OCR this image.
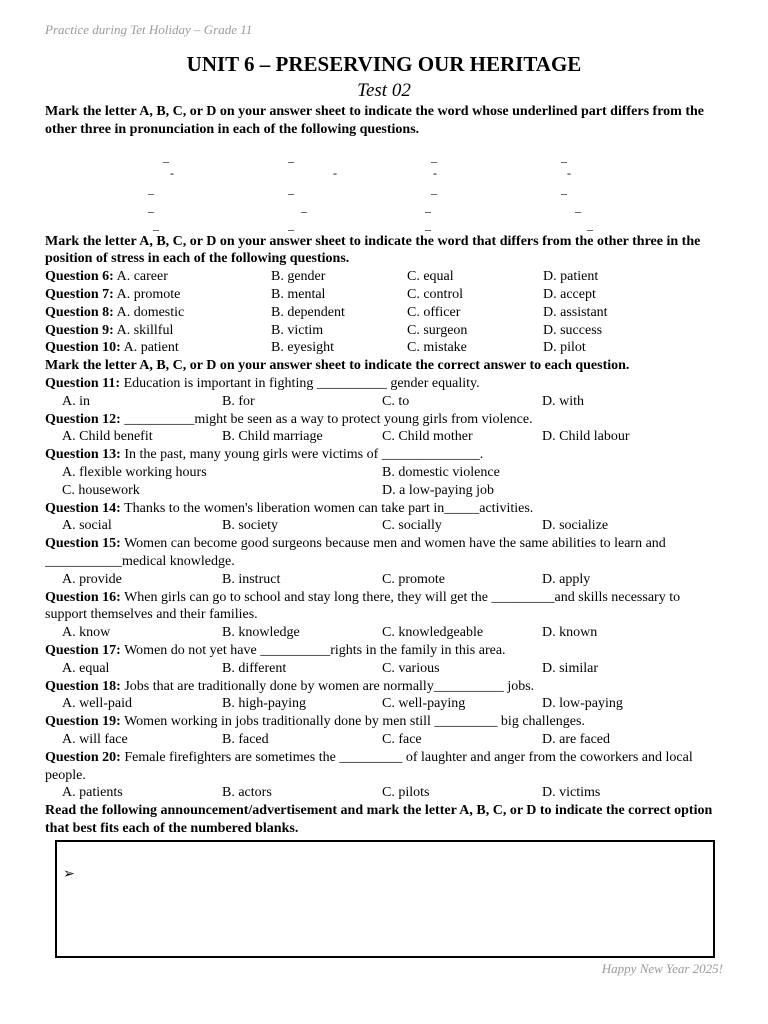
Practice during Tet Holiday – Grade 11
UNIT 6 – PRESERVING OUR HERITAGE
Test 02
Mark the letter A, B, C, or D on your answer sheet to indicate the word whose underlined part differs from the other three in pronunciation in each of the following questions.
_	_	_	_
-	-	-	-
_	_	_	_
_	_	_	_
_	_	_	_
Mark the letter A, B, C, or D on your answer sheet to indicate the word that differs from the other three in the position of stress in each of the following questions.
Question 6: A. career	B. gender	C. equal	D. patient
Question 7: A. promote	B. mental	C. control	D. accept
Question 8: A. domestic	B. dependent	C. officer	D. assistant
Question 9: A. skillful	B. victim	C. surgeon	D. success
Question 10: A. patient	B. eyesight	C. mistake	D. pilot
Mark the letter A, B, C, or D on your answer sheet to indicate the correct answer to each question.
Question 11: Education is important in fighting __________ gender equality.
A. in	B. for	C. to	D. with
Question 12: __________might be seen as a way to protect young girls from violence.
A. Child benefit	B. Child marriage	C. Child mother	D. Child labour
Question 13: In the past, many young girls were victims of ______________.
A. flexible working hours	B. domestic violence
C. housework	D. a low-paying job
Question 14: Thanks to the women's liberation women can take part in_____activities.
A. social	B. society	C. socially	D. socialize
Question 15: Women can become good surgeons because men and women have the same abilities to learn and ___________medical knowledge.
A. provide	B. instruct	C. promote	D. apply
Question 16: When girls can go to school and stay long there, they will get the _________and skills necessary to support themselves and their families.
A. know	B. knowledge	C. knowledgeable	D. known
Question 17: Women do not yet have __________rights in the family in this area.
A. equal	B. different	C. various	D. similar
Question 18: Jobs that are traditionally done by women are normally__________ jobs.
A. well-paid	B. high-paying	C. well-paying	D. low-paying
Question 19: Women working in jobs traditionally done by men still _________ big challenges.
A. will face	B. faced	C. face	D. are faced
Question 20: Female firefighters are sometimes the _________ of laughter and anger from the coworkers and local people.
A. patients	B. actors	C. pilots	D. victims
Read the following announcement/advertisement and mark the letter A, B, C, or D to indicate the correct option that best fits each of the numbered blanks.
➢
Happy New Year 2025!
